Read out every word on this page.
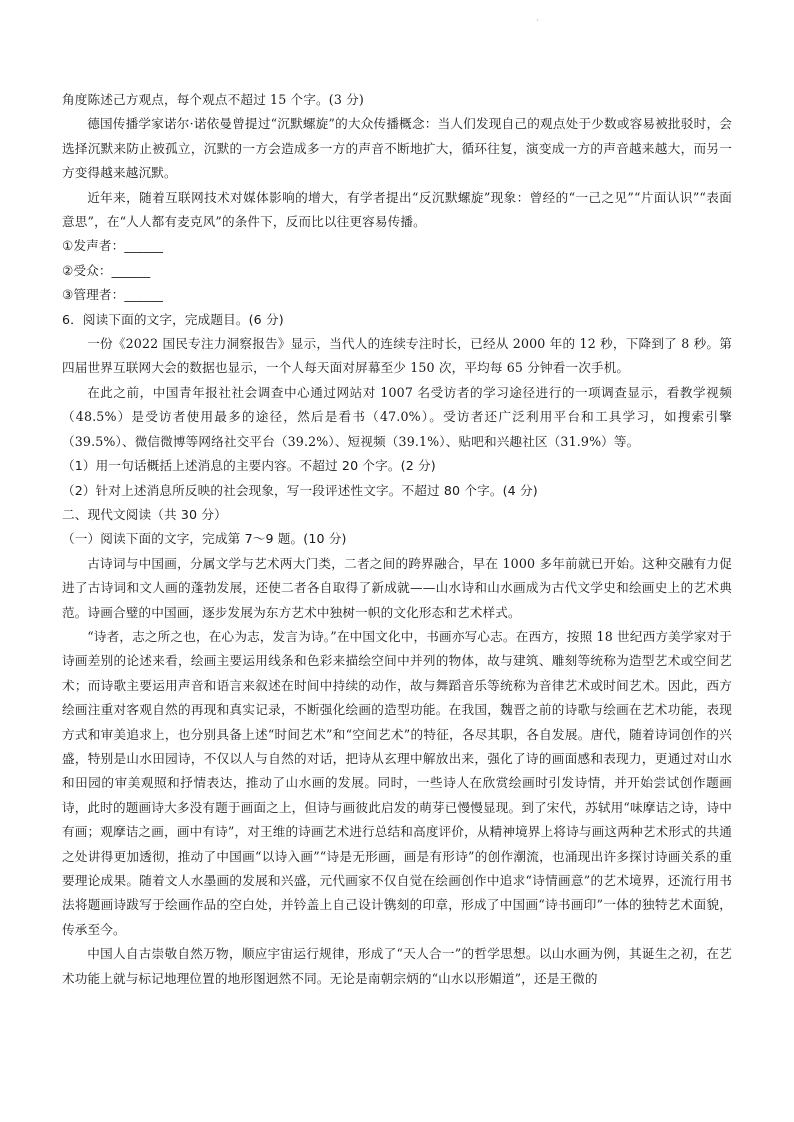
·

角度陈述己方观点，每个观点不超过 15 个字。(3 分)

德国传播学家诺尔·诺依曼曾提过“沉默螺旋”的大众传播概念：当人们发现自己的观点处于少数或容易被批驳时，会选择沉默来防止被孤立，沉默的一方会造成多一方的声音不断地扩大，循环往复，演变成一方的声音越来越大，而另一方变得越来越沉默。

近年来，随着互联网技术对媒体影响的增大，有学者提出“反沉默螺旋”现象：曾经的“一己之见”“片面认识”“表面意思”，在“人人都有麦克风”的条件下，反而比以往更容易传播。

①发声者：______

②受众：______

③管理者：______

6．阅读下面的文字，完成题目。(6 分)

一份《2022 国民专注力洞察报告》显示，当代人的连续专注时长，已经从 2000 年的 12 秒，下降到了 8 秒。第四届世界互联网大会的数据也显示，一个人每天面对屏幕至少 150 次，平均每 65 分钟看一次手机。

在此之前，中国青年报社社会调查中心通过网站对 1007 名受访者的学习途径进行的一项调查显示，看教学视频（48.5%）是受访者使用最多的途径，然后是看书（47.0%）。受访者还广泛利用平台和工具学习，如搜索引擎（39.5%）、微信微博等网络社交平台（39.2%）、短视频（39.1%）、贴吧和兴趣社区（31.9%）等。

（1）用一句话概括上述消息的主要内容。不超过 20 个字。(2 分)

（2）针对上述消息所反映的社会现象，写一段评述性文字。不超过 80 个字。(4 分)

二、现代文阅读（共 30 分）

（一）阅读下面的文字，完成第 7～9 题。(10 分)

古诗词与中国画，分属文学与艺术两大门类，二者之间的跨界融合，早在 1000 多年前就已开始。这种交融有力促进了古诗词和文人画的蓬勃发展，还使二者各自取得了新成就——山水诗和山水画成为古代文学史和绘画史上的艺术典范。诗画合璧的中国画，逐步发展为东方艺术中独树一帜的文化形态和艺术样式。

“诗者，志之所之也，在心为志，发言为诗。”在中国文化中，书画亦写心志。在西方，按照 18 世纪西方美学家对于诗画差别的论述来看，绘画主要运用线条和色彩来描绘空间中并列的物体，故与建筑、雕刻等统称为造型艺术或空间艺术；而诗歌主要运用声音和语言来叙述在时间中持续的动作，故与舞蹈音乐等统称为音律艺术或时间艺术。因此，西方绘画注重对客观自然的再现和真实记录，不断强化绘画的造型功能。在我国，魏晋之前的诗歌与绘画在艺术功能，表现方式和审美追求上，也分别具备上述“时间艺术”和“空间艺术”的特征，各尽其职，各自发展。唐代，随着诗词创作的兴盛，特别是山水田园诗，不仅以人与自然的对话，把诗从玄理中解放出来，强化了诗的画面感和表现力，更通过对山水和田园的审美观照和抒情表达，推动了山水画的发展。同时，一些诗人在欣赏绘画时引发诗情，并开始尝试创作题画诗，此时的题画诗大多没有题于画面之上，但诗与画彼此启发的萌芽已慢慢显现。到了宋代，苏轼用“味摩诘之诗，诗中有画；观摩诘之画，画中有诗”，对王维的诗画艺术进行总结和高度评价，从精神境界上将诗与画这两种艺术形式的共通之处讲得更加透彻，推动了中国画“以诗入画”“诗是无形画，画是有形诗”的创作潮流，也涌现出许多探讨诗画关系的重要理论成果。随着文人水墨画的发展和兴盛，元代画家不仅自觉在绘画创作中追求“诗情画意”的艺术境界，还流行用书法将题画诗跋写于绘画作品的空白处，并钤盖上自己设计镌刻的印章，形成了中国画“诗书画印”一体的独特艺术面貌，传承至今。

中国人自古崇敬自然万物，顺应宇宙运行规律，形成了“天人合一”的哲学思想。以山水画为例，其诞生之初，在艺术功能上就与标记地理位置的地形图迥然不同。无论是南朝宗炳的“山水以形媚道”，还是王微的
